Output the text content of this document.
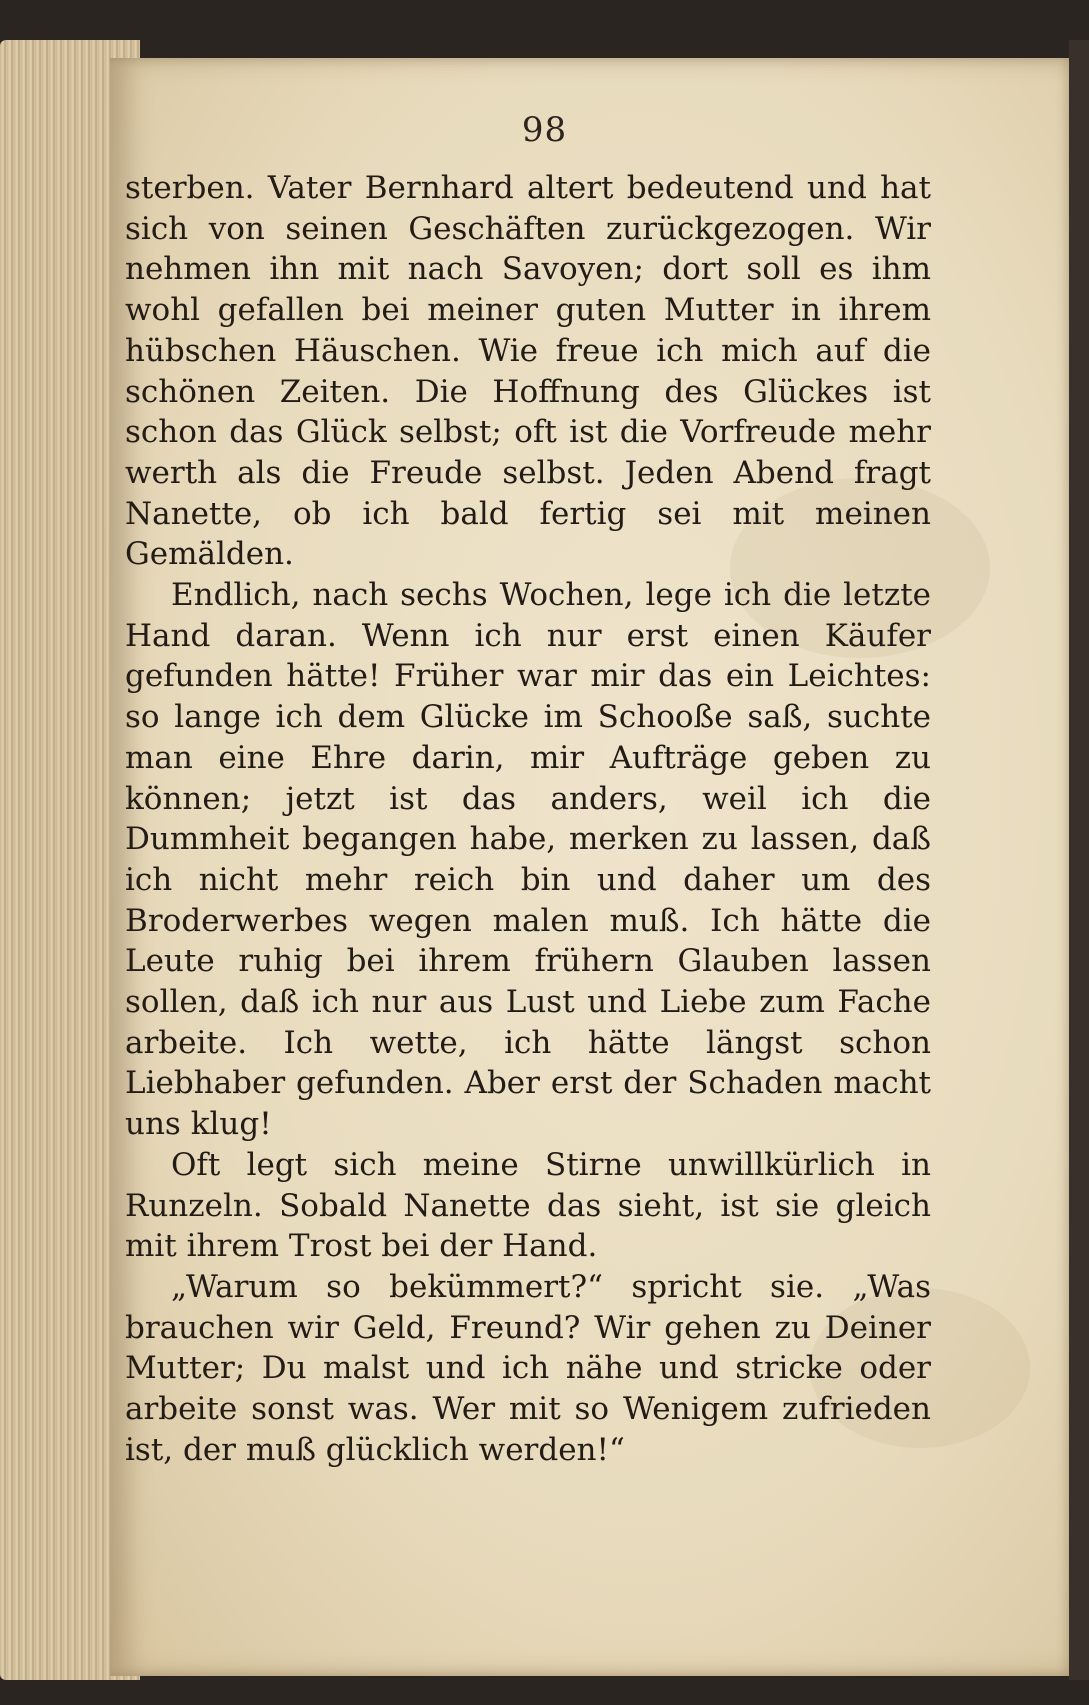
98

sterben. Vater Bernhard altert bedeutend und hat sich von seinen Geschäften zurückgezogen. Wir nehmen ihn mit nach Savoyen; dort soll es ihm wohl gefallen bei meiner guten Mutter in ihrem hübschen Häuschen. Wie freue ich mich auf die schönen Zeiten. Die Hoffnung des Glückes ist schon das Glück selbst; oft ist die Vorfreude mehr werth als die Freude selbst. Jeden Abend fragt Nanette, ob ich bald fertig sei mit meinen Gemälden.

Endlich, nach sechs Wochen, lege ich die letzte Hand daran. Wenn ich nur erst einen Käufer gefunden hätte! Früher war mir das ein Leichtes: so lange ich dem Glücke im Schooße saß, suchte man eine Ehre darin, mir Aufträge geben zu können; jetzt ist das anders, weil ich die Dummheit begangen habe, merken zu lassen, daß ich nicht mehr reich bin und daher um des Broderwerbes wegen malen muß. Ich hätte die Leute ruhig bei ihrem frühern Glauben lassen sollen, daß ich nur aus Lust und Liebe zum Fache arbeite. Ich wette, ich hätte längst schon Liebhaber gefunden. Aber erst der Schaden macht uns klug!

Oft legt sich meine Stirne unwillkürlich in Runzeln. Sobald Nanette das sieht, ist sie gleich mit ihrem Trost bei der Hand.

„Warum so bekümmert?“ spricht sie. „Was brauchen wir Geld, Freund? Wir gehen zu Deiner Mutter; Du malst und ich nähe und stricke oder arbeite sonst was. Wer mit so Wenigem zufrieden ist, der muß glücklich werden!“
